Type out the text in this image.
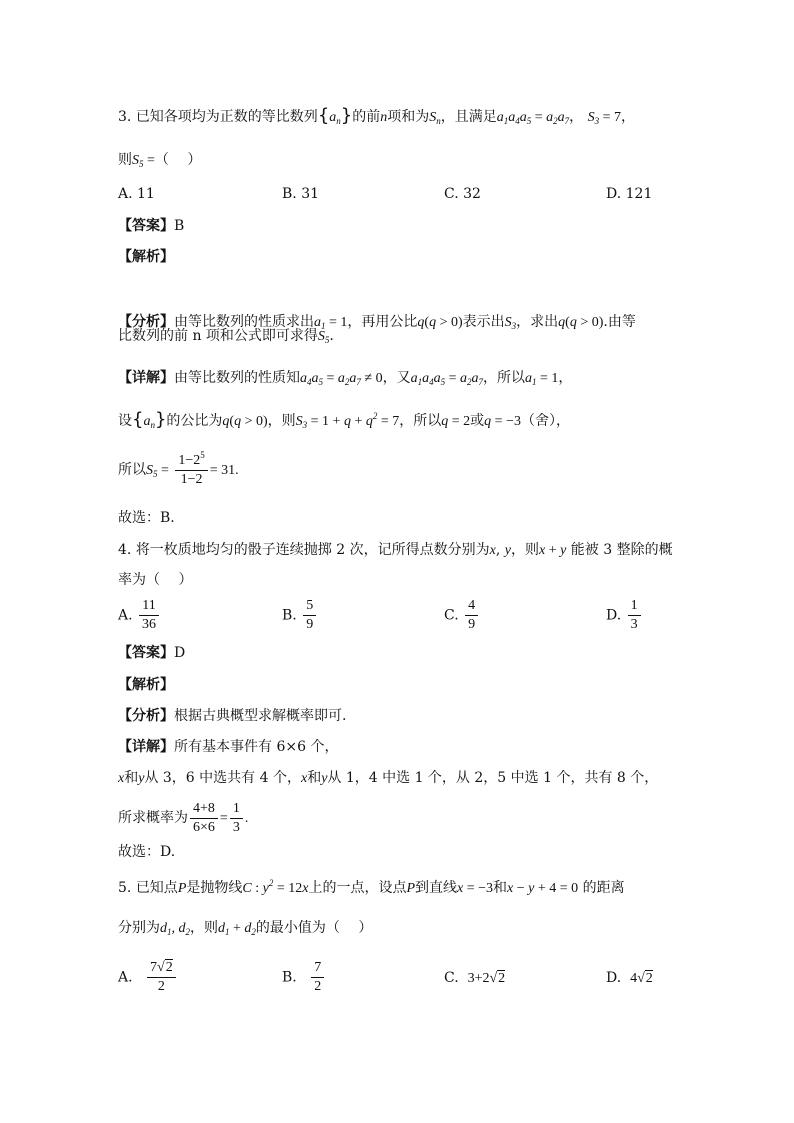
3. 已知各项均为正数的等比数列$\{a_n\}$的前n项和为$S_n$，且满足$a_1a_4a_5 = a_2a_7$， $S_3 = 7$，
则$S_5$ =（　 ）
A. 11	B. 31	C. 32	D. 121
【答案】B
【解析】
【分析】由等比数列的性质求出$a_1 = 1$，再用公比q(q > 0)表示出$S_3$，求出q(q > 0).由等
比数列的前 n 项和公式即可求得$S_5$.
【详解】由等比数列的性质知$a_4a_5 = a_2a_7 \ne 0$，又$a_1a_4a_5 = a_2a_7$，所以$a_1 = 1$，
设$\{a_n\}$的公比为q(q > 0)，则$S_3 = 1 + q + q^2 = 7$，所以q = 2或q = −3（舍），
所以$S_5 = \frac{1-2^5}{1-2} = 31$.
故选：B.
4. 将一枚质地均匀的骰子连续抛掷 2 次，记所得点数分别为x, y，则x + y 能被 3 整除的概
率为（　 ）
A. $\frac{11}{36}$	B. $\frac{5}{9}$	C. $\frac{4}{9}$	D. $\frac{1}{3}$
【答案】D
【解析】
【分析】根据古典概型求解概率即可.
【详解】所有基本事件有 6×6 个，
x和y从 3，6 中选共有 4 个，x和y从 1，4 中选 1 个，从 2，5 中选 1 个，共有 8 个，
所求概率为 $\frac{4+8}{6\times 6} = \frac{1}{3}$ .
故选：D.
5. 已知点P是抛物线C : $y^2 = 12x$上的一点，设点P到直线x = −3和x − y + 4 = 0 的距离
分别为$d_1$, $d_2$，则$d_1 + d_2$的最小值为（　 ）
A. $\frac{7√2}{2}$	B. $\frac{7}{2}$	C. 3+2√2	D. 4√2
